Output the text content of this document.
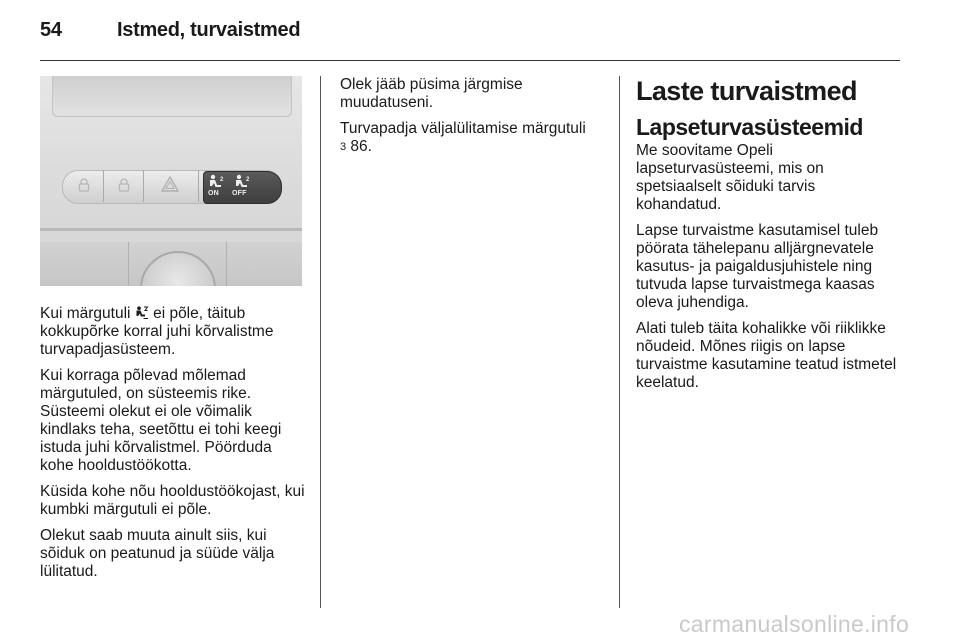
54	Istmed, turvaistmed
2	2
ON OFF

Kui märgutuli  ei põle, täitub kokkupõrke korral juhi kõrvalistme turvapadjasüsteem.

Kui korraga põlevad mõlemad märgutuled, on süsteemis rike. Süsteemi olekut ei ole võimalik kindlaks teha, seetõttu ei tohi keegi istuda juhi kõrvalistmel. Pöörduda kohe hooldustöökotta.

Küsida kohe nõu hooldustöökojast, kui kumbki märgutuli ei põle.

Olekut saab muuta ainult siis, kui sõiduk on peatunud ja süüde välja lülitatud.

Olek jääb püsima järgmise muudatuseni.

Turvapadja väljalülitamise märgutuli
3 86.

Laste turvaistmed
Lapseturvasüsteemid

Me soovitame Opeli lapseturvasüsteemi, mis on spetsiaalselt sõiduki tarvis kohandatud.

Lapse turvaistme kasutamisel tuleb pöörata tähelepanu alljärgnevatele kasutus- ja paigaldusjuhistele ning tutvuda lapse turvaistmega kaasas oleva juhendiga.

Alati tuleb täita kohalikke või riiklikke nõudeid. Mõnes riigis on lapse turvaistme kasutamine teatud istmetel keelatud.

carmanualsonline.info
